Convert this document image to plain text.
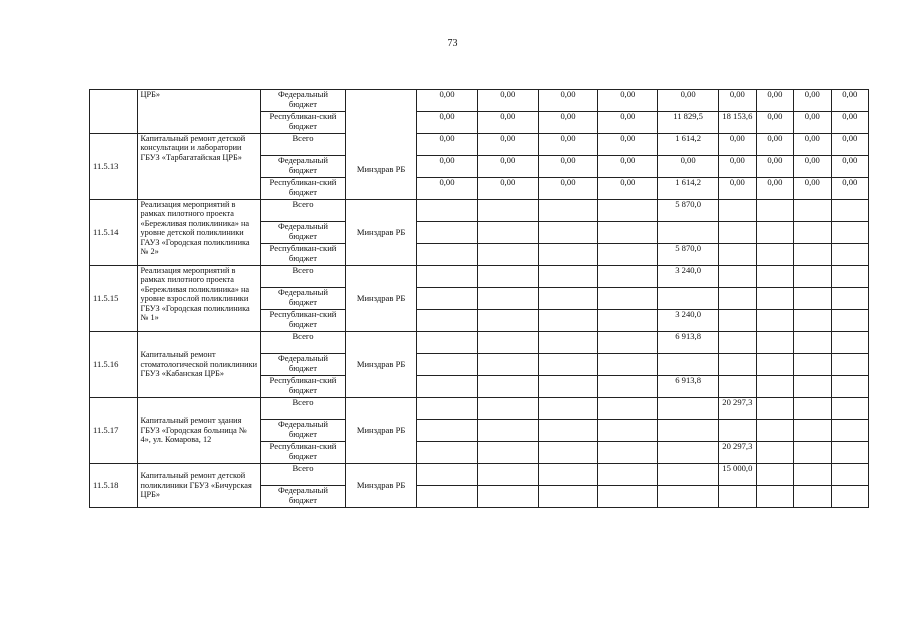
73
	ЦРБ»	Федеральный бюджет	Минздрав РБ	0,00	0,00	0,00	0,00	0,00	0,00	0,00	0,00	0,00
		Республикан-ский бюджет		0,00	0,00	0,00	0,00	11 829,5	18 153,6	0,00	0,00	0,00
11.5.13	Капитальный ремонт детской консультации и лаборатории ГБУЗ «Тарбагатайская ЦРБ»	Всего		0,00	0,00	0,00	0,00	1 614,2	0,00	0,00	0,00	0,00
		Федеральный бюджет		0,00	0,00	0,00	0,00	0,00	0,00	0,00	0,00	0,00
		Республикан-ский бюджет		0,00	0,00	0,00	0,00	1 614,2	0,00	0,00	0,00	0,00
11.5.14	Реализация мероприятий в рамках пилотного проекта «Бережливая поликлиника» на уровне детской поликлиники ГАУЗ «Городская поликлиника № 2»	Всего	Минздрав РБ					5 870,0				
		Федеральный бюджет										
		Республикан-ский бюджет						5 870,0				
11.5.15	Реализация мероприятий в рамках пилотного проекта «Бережливая поликлиника» на уровне взрослой поликлиники ГБУЗ «Городская поликлиника № 1»	Всего	Минздрав РБ					3 240,0				
		Федеральный бюджет										
		Республикан-ский бюджет						3 240,0				
11.5.16	Капитальный ремонт стоматологической поликлиники ГБУЗ «Кабанская ЦРБ»	Всего	Минздрав РБ					6 913,8				
		Федеральный бюджет										
		Республикан-ский бюджет						6 913,8				
11.5.17	Капитальный ремонт здания ГБУЗ «Городская больница № 4», ул. Комарова, 12	Всего	Минздрав РБ						20 297,3			
		Федеральный бюджет										
		Республикан-ский бюджет							20 297,3			
11.5.18	Капитальный ремонт детской поликлиники ГБУЗ «Бичурская ЦРБ»	Всего	Минздрав РБ						15 000,0			
		Федеральный бюджет										
